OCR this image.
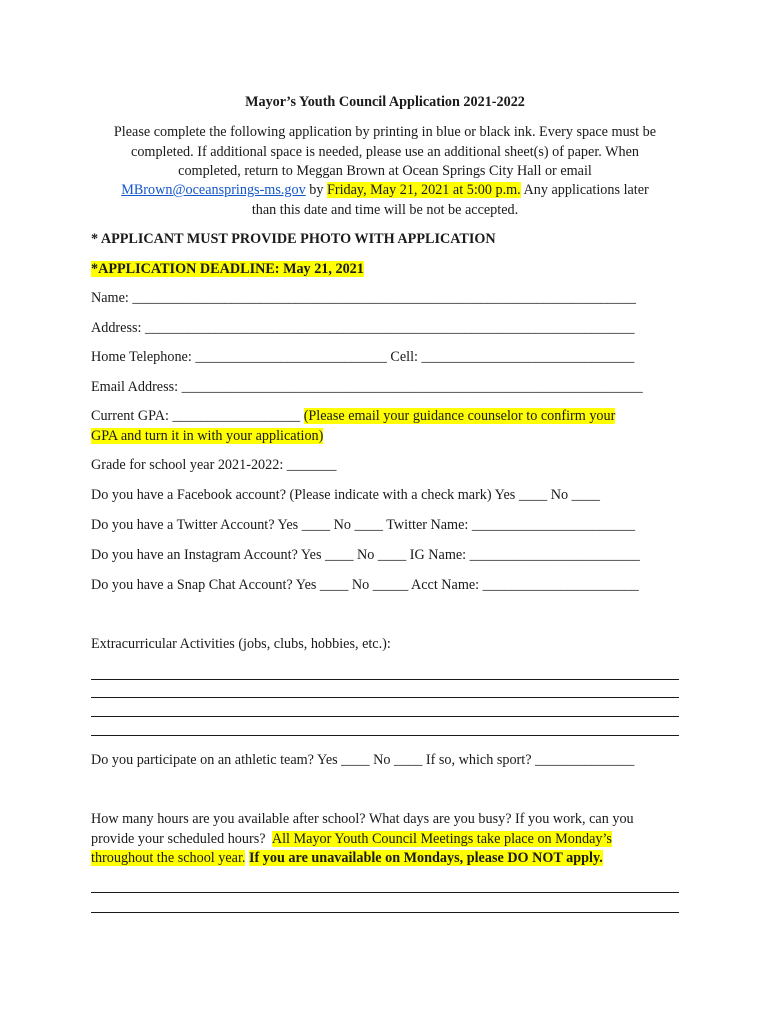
Mayor’s Youth Council Application 2021-2022
Please complete the following application by printing in blue or black ink. Every space must be
completed. If additional space is needed, please use an additional sheet(s) of paper. When
completed, return to Meggan Brown at Ocean Springs City Hall or email
MBrown@oceansprings-ms.gov by Friday, May 21, 2021 at 5:00 p.m. Any applications later
than this date and time will be not be accepted.
* APPLICANT MUST PROVIDE PHOTO WITH APPLICATION
*APPLICATION DEADLINE: May 21, 2021
Name: _______________________________________________________________________
Address: _____________________________________________________________________
Home Telephone: ___________________________ Cell: ______________________________
Email Address: _________________________________________________________________
Current GPA: __________________ (Please email your guidance counselor to confirm your
GPA and turn it in with your application)
Grade for school year 2021-2022: _______
Do you have a Facebook account? (Please indicate with a check mark) Yes ____ No ____
Do you have a Twitter Account? Yes ____ No ____ Twitter Name: _______________________
Do you have an Instagram Account? Yes ____ No ____ IG Name: ________________________
Do you have a Snap Chat Account? Yes ____ No _____ Acct Name: ______________________
Extracurricular Activities (jobs, clubs, hobbies, etc.):
Do you participate on an athletic team? Yes ____ No ____ If so, which sport? ______________
How many hours are you available after school? What days are you busy? If you work, can you
provide your scheduled hours?  All Mayor Youth Council Meetings take place on Monday’s
throughout the school year. If you are unavailable on Mondays, please DO NOT apply.
